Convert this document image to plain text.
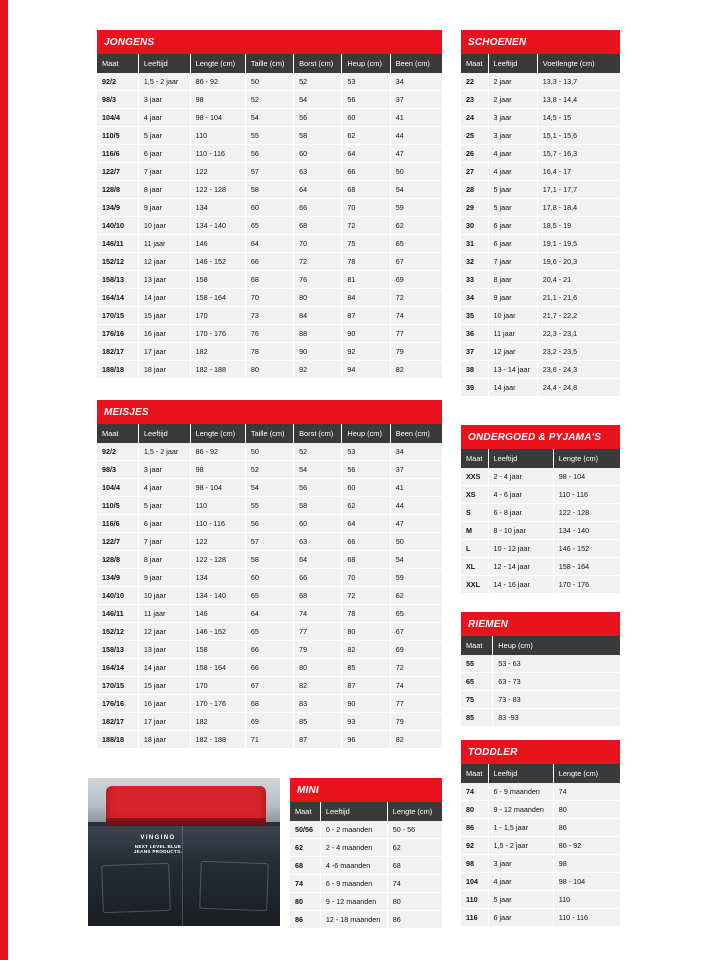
JONGENS						
Maat	Leeftijd	Lengte (cm)	Taille (cm)	Borst (cm)	Heup (cm)	Been (cm)
92/2	1,5 - 2 jaar	86 - 92	50	52	53	34
98/3	3 jaar	98	52	54	56	37
104/4	4 jaar	98 - 104	54	56	60	41
110/5	5 jaar	110	55	58	62	44
116/6	6 jaar	110 - 116	56	60	64	47
122/7	7 jaar	122	57	63	66	50
128/8	8 jaar	122 - 128	58	64	68	54
134/9	9 jaar	134	60	66	70	59
140/10	10 jaar	134 - 140	65	68	72	62
146/11	11 jaar	146	64	70	75	65
152/12	12 jaar	146 - 152	66	72	78	67
158/13	13 jaar	158	68	76	81	69
164/14	14 jaar	158 - 164	70	80	84	72
170/15	15 jaar	170	73	84	87	74
176/16	16 jaar	170 - 176	76	88	90	77
182/17	17 jaar	182	78	90	92	79
188/18	18 jaar	182 - 188	80	92	94	82
MEISJES						
Maat	Leeftijd	Lengte (cm)	Taille (cm)	Borst (cm)	Heup (cm)	Been (cm)
92/2	1,5 - 2 jaar	86 - 92	50	52	53	34
98/3	3 jaar	98	52	54	56	37
104/4	4 jaar	98 - 104	54	56	60	41
110/5	5 jaar	110	55	58	62	44
116/6	6 jaar	110 - 116	56	60	64	47
122/7	7 jaar	122	57	63	66	50
128/8	8 jaar	122 - 128	58	64	68	54
134/9	9 jaar	134	60	66	70	59
140/10	10 jaar	134 - 140	65	68	72	62
146/11	11 jaar	146	64	74	78	65
152/12	12 jaar	146 - 152	65	77	80	67
158/13	13 jaar	158	66	79	82	69
164/14	14 jaar	158 - 164	66	80	85	72
170/15	15 jaar	170	67	82	87	74
176/16	16 jaar	170 - 176	68	83	90	77
182/17	17 jaar	182	69	85	93	79
188/18	18 jaar	182 - 188	71	87	96	82
MINI		
Maat	Leeftijd	Lengte (cm)
50/56	0 - 2 maanden	50 - 56
62	2 - 4 maanden	62
68	4 -6 maanden	68
74	6 - 9 maanden	74
80	9 - 12 maanden	80
86	12 - 18 maanden	86
SCHOENEN		
Maat	Leeftijd	Voetlengte (cm)
22	2 jaar	13,3 - 13,7
23	2 jaar	13,8 - 14,4
24	3 jaar	14,5 - 15
25	3 jaar	15,1 - 15,6
26	4 jaar	15,7 - 16,3
27	4 jaar	16,4 - 17
28	5 jaar	17,1 - 17,7
29	5 jaar	17,8 - 18,4
30	6 jaar	18,5 - 19
31	6 jaar	19,1 - 19,5
32	7 jaar	19,6 - 20,3
33	8 jaar	20,4 - 21
34	9 jaar	21,1 - 21,6
35	10 jaar	21,7 - 22,2
36	11 jaar	22,3 - 23,1
37	12 jaar	23,2 - 23,5
38	13 - 14 jaar	23,6 - 24,3
39	14 jaar	24,4 - 24,8
ONDERGOED & PYJAMA'S		
Maat	Leeftijd	Lengte (cm)
XXS	2 - 4 jaar	98 - 104
XS	4 - 6 jaar	110 - 116
S	6 - 8 jaar	122 - 128
M	8 - 10 jaar	134 - 140
L	10 - 12 jaar	146 - 152
XL	12 - 14 jaar	158 - 164
XXL	14 - 16 jaar	170 - 176
RIEMEN	
Maat	Heup (cm)
55	53 - 63
65	63 - 73
75	73 - 83
85	83 -93
TODDLER		
Maat	Leeftijd	Lengte (cm)
74	6 - 9 maanden	74
80	9 - 12 maanden	80
86	1 - 1,5 jaar	86
92	1,5 - 2 jaar	86 - 92
98	3 jaar	98
104	4 jaar	98 - 104
110	5 jaar	110
116	6 jaar	110 - 116
VINGINO
NEXT LEVEL BLUE JEANS PRODUCTS.
